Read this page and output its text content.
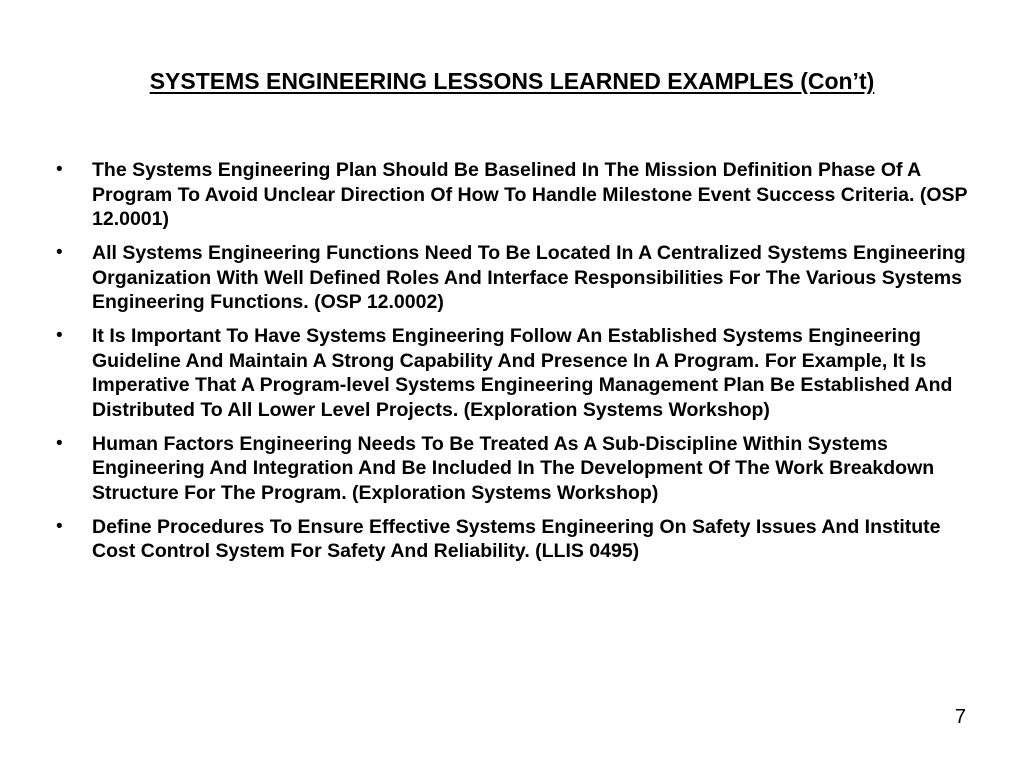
SYSTEMS ENGINEERING LESSONS LEARNED EXAMPLES (Con’t)
• The Systems Engineering Plan Should Be Baselined In The Mission Definition Phase Of A Program To Avoid Unclear Direction Of How To Handle Milestone Event Success Criteria. (OSP 12.0001)
• All Systems Engineering Functions Need To Be Located In A Centralized Systems Engineering Organization With Well Defined Roles And Interface Responsibilities For The Various Systems Engineering Functions. (OSP 12.0002)
• It Is Important To Have Systems Engineering Follow An Established Systems Engineering Guideline And Maintain A Strong Capability And Presence In A Program. For Example, It Is Imperative That A Program-level Systems Engineering Management Plan Be Established And Distributed To All Lower Level Projects. (Exploration Systems Workshop)
• Human Factors Engineering Needs To Be Treated As A Sub-Discipline Within Systems Engineering And Integration And Be Included In The Development Of The Work Breakdown Structure For The Program. (Exploration Systems Workshop)
• Define Procedures To Ensure Effective Systems Engineering On Safety Issues And Institute Cost Control System For Safety And Reliability. (LLIS 0495)
7
